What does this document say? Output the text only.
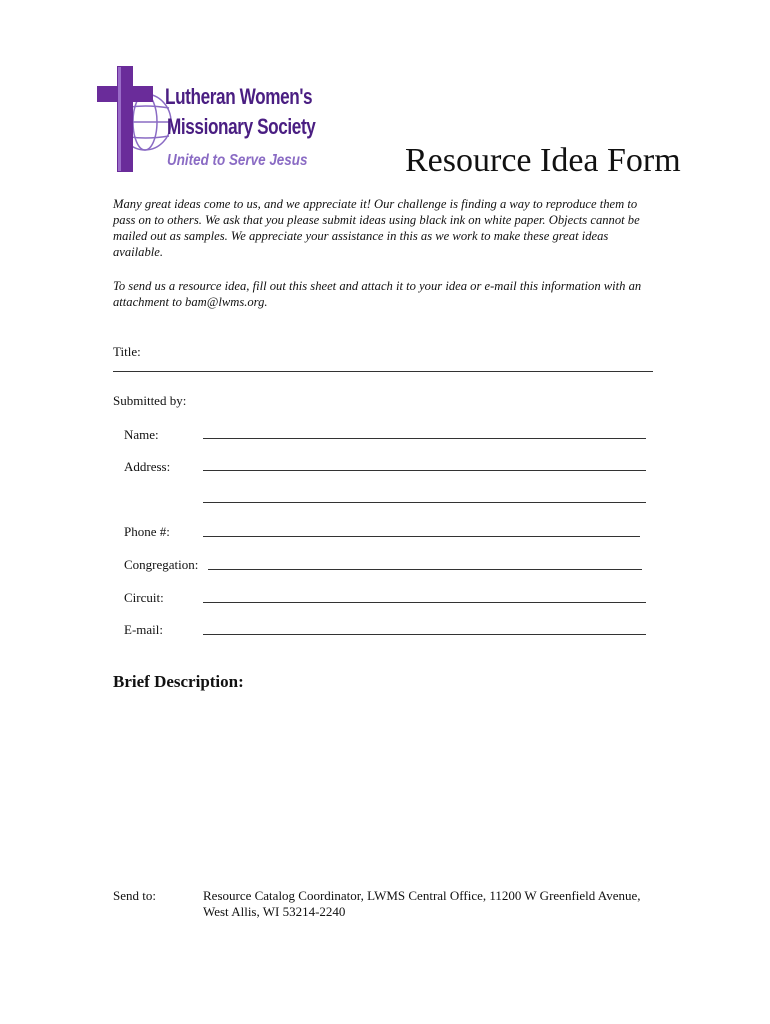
Lutheran Women's
Missionary Society
United to Serve Jesus	Resource Idea Form

Many great ideas come to us, and we appreciate it! Our challenge is finding a way to reproduce them to pass on to others. We ask that you please submit ideas using black ink on white paper. Objects cannot be mailed out as samples. We appreciate your assistance in this as we work to make these great ideas available.

To send us a resource idea, fill out this sheet and attach it to your idea or e-mail this information with an attachment to bam@lwms.org.

Title:
Submitted by:
Name:
Address:
Phone #:
Congregation:
Circuit:
E-mail:
Brief Description:
Send to:	Resource Catalog Coordinator, LWMS Central Office, 11200 W Greenfield Avenue, West Allis, WI 53214-2240
